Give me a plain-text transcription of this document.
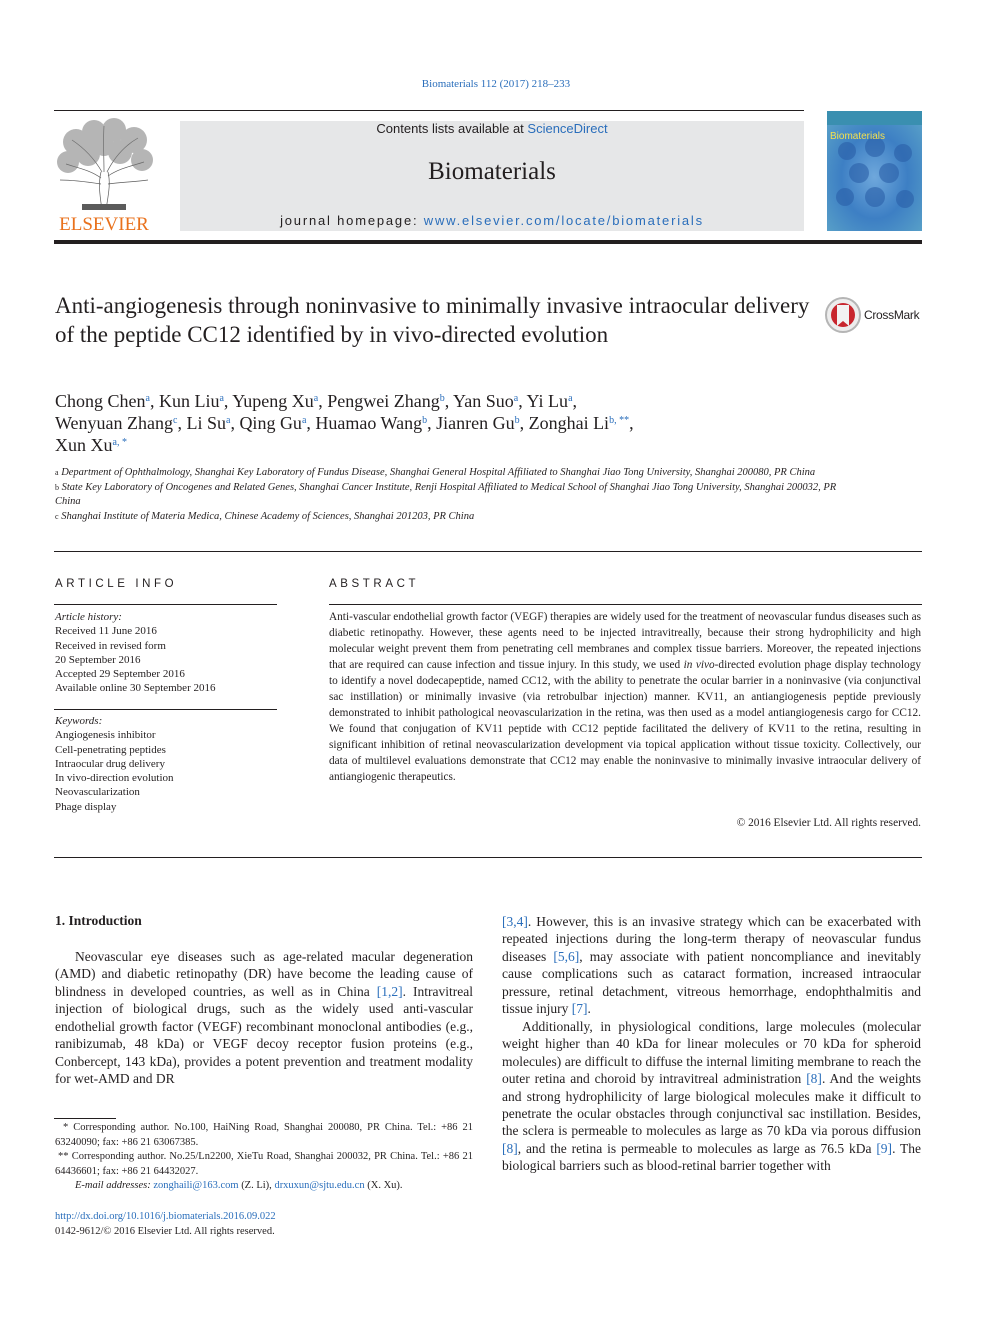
Biomaterials 112 (2017) 218–233
ELSEVIER
Contents lists available at ScienceDirect
Biomaterials
journal homepage: www.elsevier.com/locate/biomaterials
Biomaterials
Anti-angiogenesis through noninvasive to minimally invasive intraocular delivery of the peptide CC12 identified by in vivo-directed evolution
CrossMark
Chong Chen$^a$, Kun Liu$^a$, Yupeng Xu$^a$, Pengwei Zhang$^b$, Yan Suo$^a$, Yi Lu$^a$,
Wenyuan Zhang$^c$, Li Su$^a$, Qing Gu$^a$, Huamao Wang$^b$, Jianren Gu$^b$, Zonghai $Li^{b, **}$,
Xun $Xu^{a, *}$
$^a$ Department of Ophthalmology, Shanghai Key Laboratory of Fundus Disease, Shanghai General Hospital Affiliated to Shanghai Jiao Tong University, Shanghai 200080, PR China
$^b$ State Key Laboratory of Oncogenes and Related Genes, Shanghai Cancer Institute, Renji Hospital Affiliated to Medical School of Shanghai Jiao Tong University, Shanghai 200032, PR China
$^c$ Shanghai Institute of Materia Medica, Chinese Academy of Sciences, Shanghai 201203, PR China
ARTICLE INFO
Article history:
Received 11 June 2016
Received in revised form
20 September 2016
Accepted 29 September 2016
Available online 30 September 2016
Keywords:
Angiogenesis inhibitor
Cell-penetrating peptides
Intraocular drug delivery
In vivo-direction evolution
Neovascularization
Phage display
ABSTRACT
Anti-vascular endothelial growth factor (VEGF) therapies are widely used for the treatment of neovascular fundus diseases such as diabetic retinopathy. However, these agents need to be injected intravitreally, because their strong hydrophilicity and high molecular weight prevent them from penetrating cell membranes and complex tissue barriers. Moreover, the repeated injections that are required can cause infection and tissue injury. In this study, we used in vivo-directed evolution phage display technology to identify a novel dodecapeptide, named CC12, with the ability to penetrate the ocular barrier in a noninvasive (via conjunctival sac instillation) or minimally invasive (via retrobulbar injection) manner. KV11, an antiangiogenesis peptide previously demonstrated to inhibit pathological neovascularization in the retina, was then used as a model antiangiogenesis cargo for CC12. We found that conjugation of KV11 peptide with CC12 peptide facilitated the delivery of KV11 to the retina, resulting in significant inhibition of retinal neovascularization development via topical application without tissue toxicity. Collectively, our data of multilevel evaluations demonstrate that CC12 may enable the noninvasive to minimally invasive intraocular delivery of antiangiogenic therapeutics.
© 2016 Elsevier Ltd. All rights reserved.
1. Introduction

Neovascular eye diseases such as age-related macular degeneration (AMD) and diabetic retinopathy (DR) have become the leading cause of blindness in developed countries, as well as in China [1,2]. Intravitreal injection of biological drugs, such as the widely used anti-vascular endothelial growth factor (VEGF) recombinant monoclonal antibodies (e.g., ranibizumab, 48 kDa) or VEGF decoy receptor fusion proteins (e.g., Conbercept, 143 kDa), provides a potent prevention and treatment modality for wet-AMD and DR

[3,4]. However, this is an invasive strategy which can be exacerbated with repeated injections during the long-term therapy of neovascular fundus diseases [5,6], may associate with patient noncompliance and inevitably cause complications such as cataract formation, increased intraocular pressure, retinal detachment, vitreous hemorrhage, endophthalmitis and tissue injury [7].

Additionally, in physiological conditions, large molecules (molecular weight higher than 40 kDa for linear molecules or 70 kDa for spheroid molecules) are difficult to diffuse the internal limiting membrane to reach the outer retina and choroid by intravitreal administration [8]. And the weights and strong hydrophilicity of large biological molecules make it difficult to penetrate the ocular obstacles through conjunctival sac instillation. Besides, the sclera is permeable to molecules as large as 70 kDa via porous diffusion [8], and the retina is permeable to molecules as large as 76.5 kDa [9]. The biological barriers such as blood-retinal barrier together with

* Corresponding author. No.100, HaiNing Road, Shanghai 200080, PR China. Tel.: +86 21 63240090; fax: +86 21 63067385.
** Corresponding author. No.25/Ln2200, XieTu Road, Shanghai 200032, PR China. Tel.: +86 21 64436601; fax: +86 21 64432027.
E-mail addresses: zonghaili@163.com (Z. Li), drxuxun@sjtu.edu.cn (X. Xu).
http://dx.doi.org/10.1016/j.biomaterials.2016.09.022
0142-9612/© 2016 Elsevier Ltd. All rights reserved.
